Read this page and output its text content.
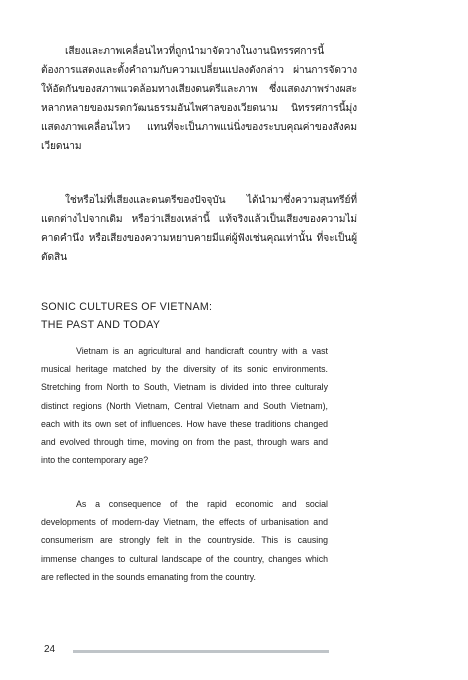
เสียงและภาพเคลื่อนไหวที่ถูกนำมาจัดวางในงานนิทรรศการนี้ ต้องการแสดงและตั้งคำถามกับความเปลี่ยนแปลงดังกล่าว ผ่านการจัดวางให้อัดกันของสภาพแวดล้อมทางเสียงดนตรีและภาพ ซึ่งแสดงภาพร่างผสะหลากหลายของมรดกวัฒนธรรมอันไพศาลของเวียดนาม นิทรรศการนี้มุ่งแสดงภาพเคลื่อนไหว แทนที่จะเป็นภาพแน่นิ่งของระบบคุณค่าของสังคมเวียดนาม

ใช่หรือไม่ที่เสียงและดนตรีของปัจจุบัน ได้นำมาซึ่งความสุนทรีย์ที่แตกต่างไปจากเดิม หรือว่าเสียงเหล่านี้ แท้จริงแล้วเป็นเสียงของความไม่คาดคำนึง หรือเสียงของความหยาบคายมีแต่ผู้ฟังเช่นคุณเท่านั้น ที่จะเป็นผู้ตัดสิน

SONIC CULTURES OF VIETNAM:
THE PAST AND TODAY

Vietnam is an agricultural and handicraft country with a vast musical heritage matched by the diversity of its sonic environments. Stretching from North to South, Vietnam is divided into three culturaly distinct regions (North Vietnam, Central Vietnam and South Vietnam), each with its own set of influences. How have these traditions changed and evolved through time, moving on from the past, through wars and into the contemporary age?

As a consequence of the rapid economic and social developments of modern-day Vietnam, the effects of urbanisation and consumerism are strongly felt in the countryside. This is causing immense changes to cultural landscape of the country, changes which are reflected in the sounds emanating from the country.

24
